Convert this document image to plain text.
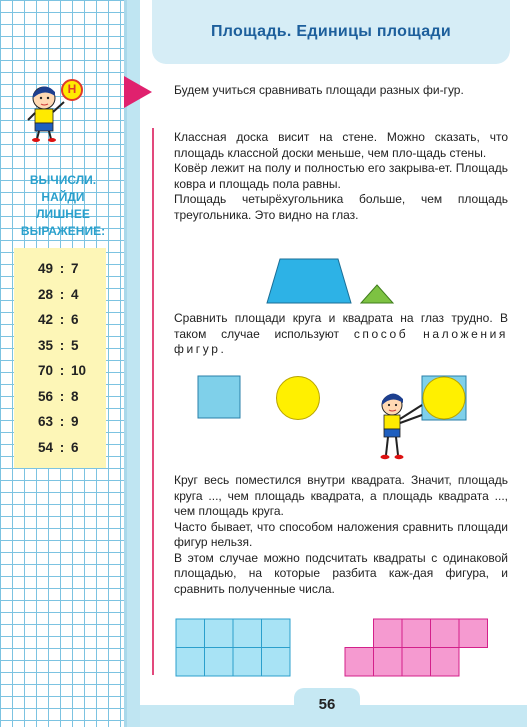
Площадь. Единицы площади
Н
ВЫЧИСЛИ.
НАЙДИ
ЛИШНЕЕ
ВЫРАЖЕНИЕ:
49 : 7
28 : 4
42 : 6
35 : 5
70 : 10
56 : 8
63 : 9
54 : 6

Будем учиться сравнивать площади разных фи-гур.

Классная доска висит на стене. Можно сказать, что площадь классной доски меньше, чем пло-щадь стены.

Ковёр лежит на полу и полностью его закрыва-ет. Площадь ковра и площадь пола равны.

Площадь четырёхугольника больше, чем площадь треугольника. Это видно на глаз.

Сравнить площади круга и квадрата на глаз трудно. В таком случае используют способ наложения фигур.

Круг весь поместился внутри квадрата. Значит, площадь круга ..., чем площадь квадрата, а площадь квадрата ..., чем площадь круга.

Часто бывает, что способом наложения сравнить площади фигур нельзя.

В этом случае можно подсчитать квадраты с одинаковой площадью, на которые разбита каж-дая фигура, и сравнить полученные числа.

56
